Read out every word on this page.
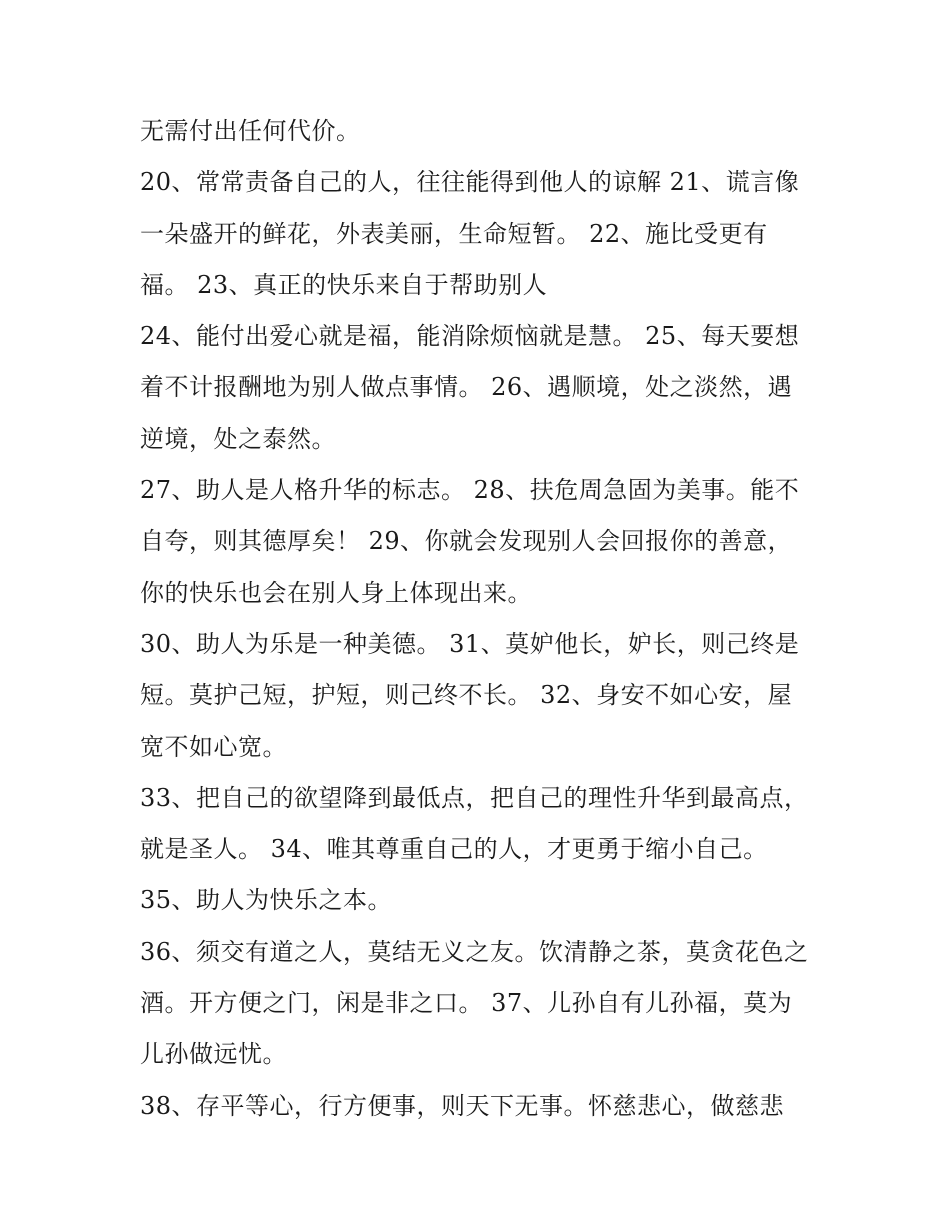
无需付出任何代价。
20、常常责备自己的人，往往能得到他人的谅解 21、谎言像
一朵盛开的鲜花，外表美丽，生命短暂。 22、施比受更有
福。 23、真正的快乐来自于帮助别人
24、能付出爱心就是福，能消除烦恼就是慧。 25、每天要想
着不计报酬地为别人做点事情。 26、遇顺境，处之淡然，遇
逆境，处之泰然。
27、助人是人格升华的标志。 28、扶危周急固为美事。能不
自夸，则其德厚矣！ 29、你就会发现别人会回报你的善意，
你的快乐也会在别人身上体现出来。
30、助人为乐是一种美德。 31、莫妒他长，妒长，则己终是
短。莫护己短，护短，则己终不长。 32、身安不如心安，屋
宽不如心宽。
33、把自己的欲望降到最低点，把自己的理性升华到最高点，
就是圣人。 34、唯其尊重自己的人，才更勇于缩小自己。
35、助人为快乐之本。
36、须交有道之人，莫结无义之友。饮清静之茶，莫贪花色之
酒。开方便之门，闲是非之口。 37、儿孙自有儿孙福，莫为
儿孙做远忧。
38、存平等心，行方便事，则天下无事。怀慈悲心，做慈悲
